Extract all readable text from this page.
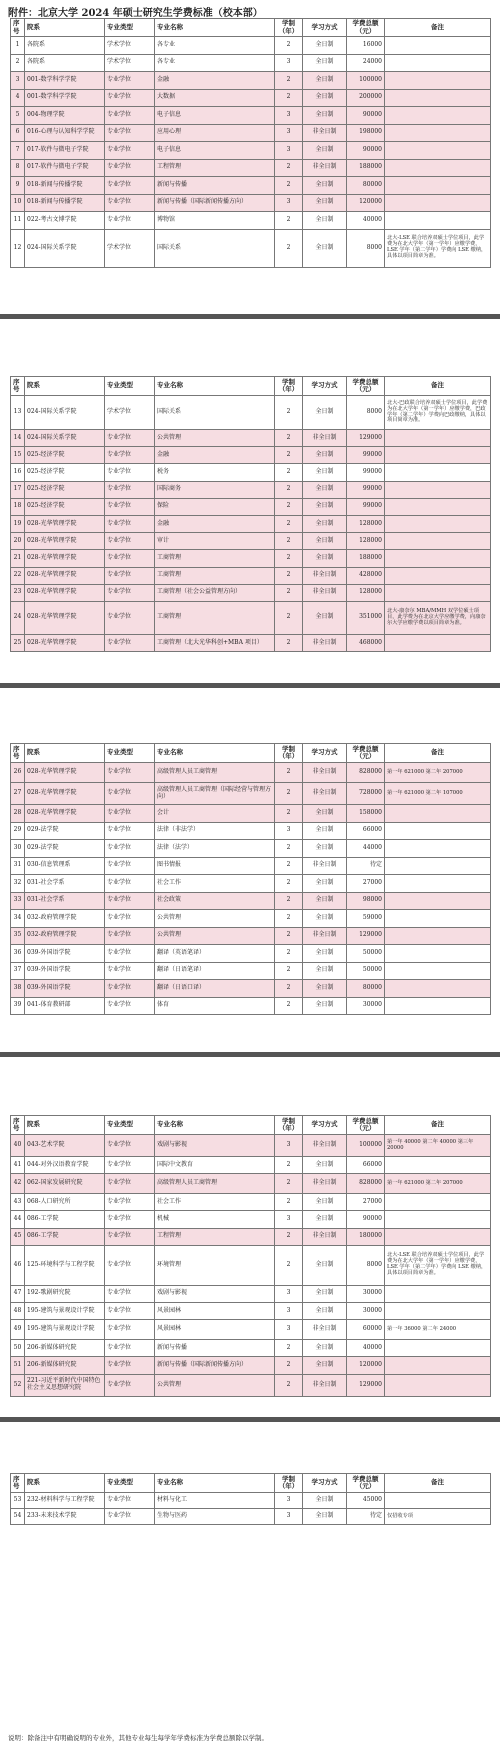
附件：北京大学 2024 年硕士研究生学费标准（校本部）
序号	院系	专业类型	专业名称	学制（年）	学习方式	学费总额（元）	备注
1	各院系	学术学位	各专业	2	全日制	16000	
2	各院系	学术学位	各专业	3	全日制	24000	
3	001-数学科学学院	专业学位	金融	2	全日制	100000	
4	001-数学科学学院	专业学位	大数据	2	全日制	200000	
5	004-物理学院	专业学位	电子信息	3	全日制	90000	
6	016-心理与认知科学学院	专业学位	应用心理	3	非全日制	198000	
7	017-软件与微电子学院	专业学位	电子信息	3	全日制	90000	
8	017-软件与微电子学院	专业学位	工程管理	2	非全日制	188000	
9	018-新闻与传播学院	专业学位	新闻与传播	2	全日制	80000	
10	018-新闻与传播学院	专业学位	新闻与传播（国际新闻传播方向）	3	全日制	120000	
11	022-考古文博学院	专业学位	博物馆	2	全日制	40000	
12	024-国际关系学院	学术学位	国际关系	2	全日制	8000	北大-LSE 联合培养双硕士学位项目，此学费为在北大学年（第一学年）应缴学费，LSE 学年（第二学年）学费向 LSE 缴纳，具体以项目简章为准。
序号	院系	专业类型	专业名称	学制（年）	学习方式	学费总额（元）	备注
13	024-国际关系学院	学术学位	国际关系	2	全日制	8000	北大-巴政联合培养双硕士学位项目，此学费为在北大学年（第一学年）应缴学费，巴政学年（第二学年）学费向巴政缴纳，具体以项目简章为准。
14	024-国际关系学院	专业学位	公共管理	2	非全日制	129000	
15	025-经济学院	专业学位	金融	2	全日制	99000	
16	025-经济学院	专业学位	税务	2	全日制	99000	
17	025-经济学院	专业学位	国际商务	2	全日制	99000	
18	025-经济学院	专业学位	保险	2	全日制	99000	
19	028-光华管理学院	专业学位	金融	2	全日制	128000	
20	028-光华管理学院	专业学位	审计	2	全日制	128000	
21	028-光华管理学院	专业学位	工商管理	2	全日制	188000	
22	028-光华管理学院	专业学位	工商管理	2	非全日制	428000	
23	028-光华管理学院	专业学位	工商管理（社会公益管理方向）	2	非全日制	128000	
24	028-光华管理学院	专业学位	工商管理	2	全日制	351000	北大-康奈尔 MBA/MMH 双学位硕士项目，此学费为在北京大学应缴学费，向康奈尔大学应缴学费以项目简章为准。
25	028-光华管理学院	专业学位	工商管理（北大光华科创+MBA 项目）	2	非全日制	468000	
序号	院系	专业类型	专业名称	学制（年）	学习方式	学费总额（元）	备注
26	028-光华管理学院	专业学位	高级管理人员工商管理	2	非全日制	828000	第一年 621000 第二年 207000
27	028-光华管理学院	专业学位	高级管理人员工商管理（国际经营与管理方向）	2	非全日制	728000	第一年 621000 第二年 107000
28	028-光华管理学院	专业学位	会计	2	全日制	158000	
29	029-法学院	专业学位	法律（非法学）	3	全日制	66000	
30	029-法学院	专业学位	法律（法学）	2	全日制	44000	
31	030-信息管理系	专业学位	图书情报	2	非全日制	待定	
32	031-社会学系	专业学位	社会工作	2	全日制	27000	
33	031-社会学系	专业学位	社会政策	2	全日制	98000	
34	032-政府管理学院	专业学位	公共管理	2	全日制	59000	
35	032-政府管理学院	专业学位	公共管理	2	非全日制	129000	
36	039-外国语学院	专业学位	翻译（英语笔译）	2	全日制	50000	
37	039-外国语学院	专业学位	翻译（日语笔译）	2	全日制	50000	
38	039-外国语学院	专业学位	翻译（日语口译）	2	全日制	80000	
39	041-体育教研部	专业学位	体育	2	全日制	30000	
序号	院系	专业类型	专业名称	学制（年）	学习方式	学费总额（元）	备注
40	043-艺术学院	专业学位	戏剧与影视	3	非全日制	100000	第一年 40000 第二年 40000 第三年 20000
41	044-对外汉语教育学院	专业学位	国际中文教育	2	全日制	66000	
42	062-国家发展研究院	专业学位	高级管理人员工商管理	2	非全日制	828000	第一年 621000 第二年 207000
43	068-人口研究所	专业学位	社会工作	2	全日制	27000	
44	086-工学院	专业学位	机械	3	全日制	90000	
45	086-工学院	专业学位	工程管理	2	非全日制	180000	
46	125-环境科学与工程学院	专业学位	环境管理	2	全日制	8000	北大-LSE 联合培养双硕士学位项目，此学费为在北大学年（第一学年）应缴学费，LSE 学年（第二学年）学费向 LSE 缴纳，具体以项目简章为准。
47	192-歌剧研究院	专业学位	戏剧与影视	3	全日制	30000	
48	195-建筑与景观设计学院	专业学位	风景园林	3	全日制	30000	
49	195-建筑与景观设计学院	专业学位	风景园林	3	非全日制	60000	第一年 36000 第二年 24000
50	206-新媒体研究院	专业学位	新闻与传播	2	全日制	40000	
51	206-新媒体研究院	专业学位	新闻与传播（国际新闻传播方向）	2	全日制	120000	
52	221-习近平新时代中国特色社会主义思想研究院	专业学位	公共管理	2	非全日制	129000	
序号	院系	专业类型	专业名称	学制（年）	学习方式	学费总额（元）	备注
53	232-材料科学与工程学院	专业学位	材料与化工	3	全日制	45000	
54	233-未来技术学院	专业学位	生物与医药	3	全日制	待定	仅招收专项
说明：除备注中有明确说明的专业外，其他专业每生每学年学费标准为学费总额除以学制。
